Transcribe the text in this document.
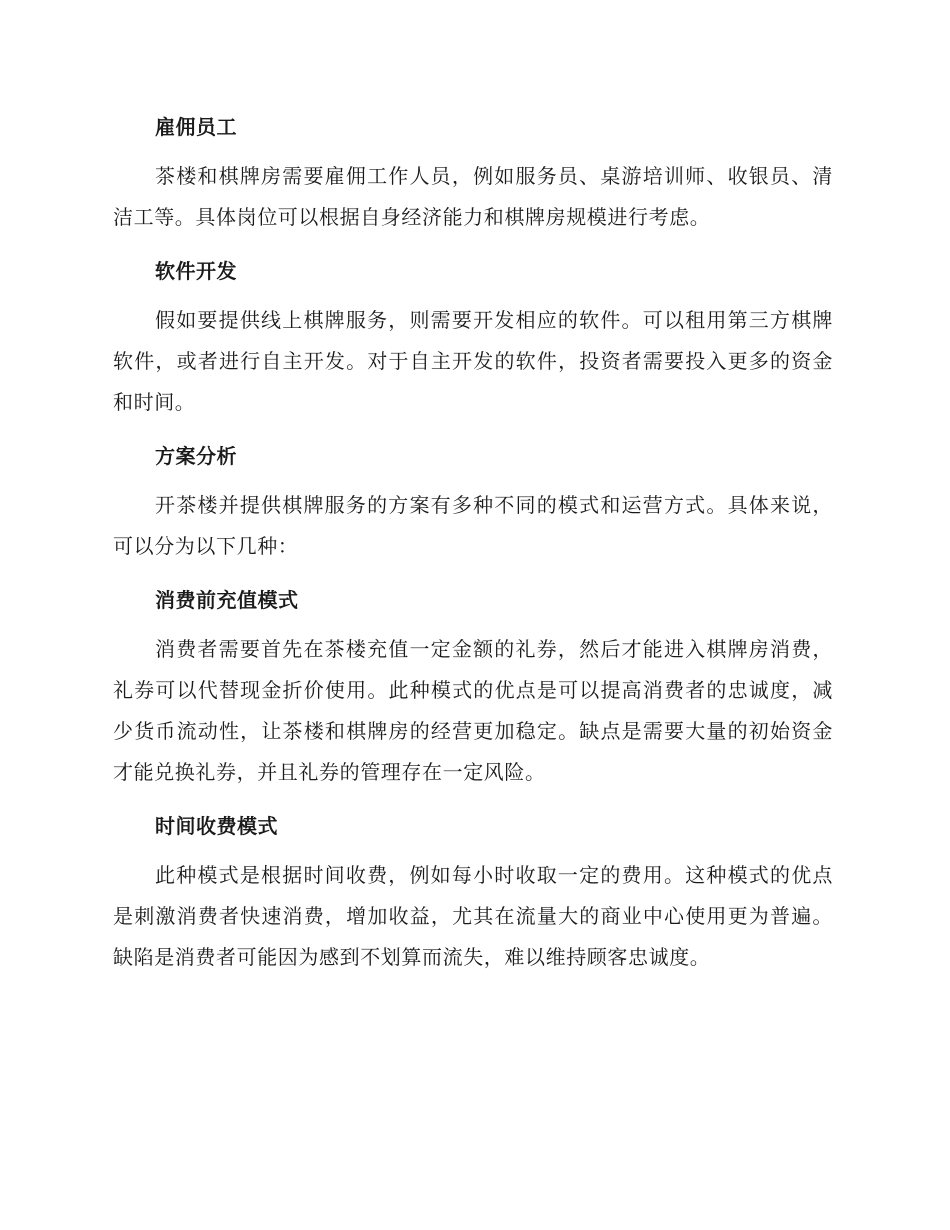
雇佣员工

茶楼和棋牌房需要雇佣工作人员，例如服务员、桌游培训师、收银员、清洁工等。具体岗位可以根据自身经济能力和棋牌房规模进行考虑。

软件开发

假如要提供线上棋牌服务，则需要开发相应的软件。可以租用第三方棋牌软件，或者进行自主开发。对于自主开发的软件，投资者需要投入更多的资金和时间。

方案分析

开茶楼并提供棋牌服务的方案有多种不同的模式和运营方式。具体来说，可以分为以下几种：

消费前充值模式

消费者需要首先在茶楼充值一定金额的礼券，然后才能进入棋牌房消费，礼券可以代替现金折价使用。此种模式的优点是可以提高消费者的忠诚度，减少货币流动性，让茶楼和棋牌房的经营更加稳定。缺点是需要大量的初始资金才能兑换礼券，并且礼券的管理存在一定风险。

时间收费模式

此种模式是根据时间收费，例如每小时收取一定的费用。这种模式的优点是刺激消费者快速消费，增加收益，尤其在流量大的商业中心使用更为普遍。缺陷是消费者可能因为感到不划算而流失，难以维持顾客忠诚度。
